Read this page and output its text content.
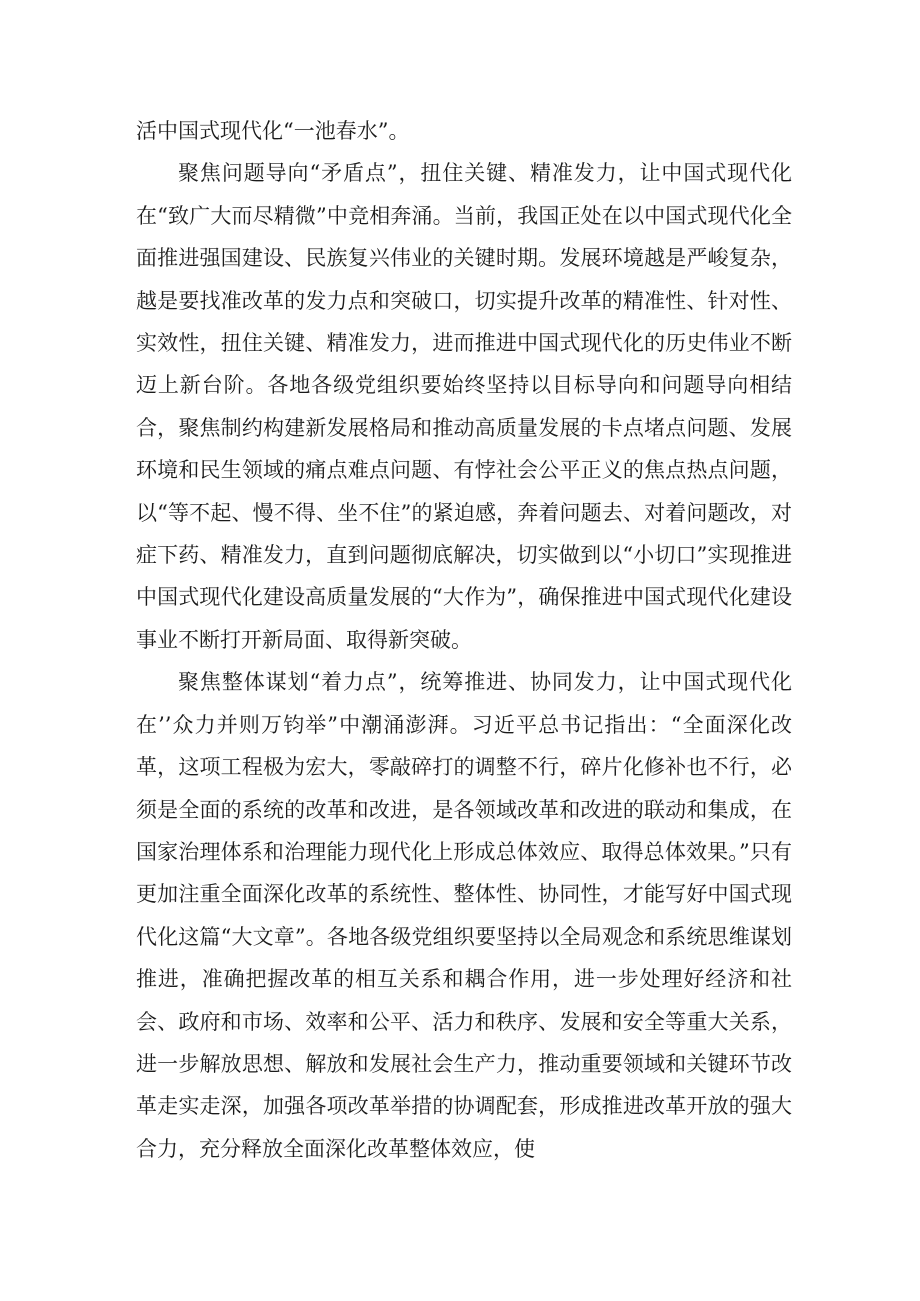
活中国式现代化“一池春水”。

聚焦问题导向“矛盾点”，扭住关键、精准发力，让中国式现代化在“致广大而尽精微”中竞相奔涌。当前，我国正处在以中国式现代化全面推进强国建设、民族复兴伟业的关键时期。发展环境越是严峻复杂，越是要找准改革的发力点和突破口，切实提升改革的精准性、针对性、实效性，扭住关键、精准发力，进而推进中国式现代化的历史伟业不断迈上新台阶。各地各级党组织要始终坚持以目标导向和问题导向相结合，聚焦制约构建新发展格局和推动高质量发展的卡点堵点问题、发展环境和民生领域的痛点难点问题、有悖社会公平正义的焦点热点问题，以“等不起、慢不得、坐不住”的紧迫感，奔着问题去、对着问题改，对症下药、精准发力，直到问题彻底解决，切实做到以“小切口”实现推进中国式现代化建设高质量发展的“大作为”，确保推进中国式现代化建设事业不断打开新局面、取得新突破。

聚焦整体谋划“着力点”，统筹推进、协同发力，让中国式现代化在’’众力并则万钧举”中潮涌澎湃。习近平总书记指出：“全面深化改革，这项工程极为宏大，零敲碎打的调整不行，碎片化修补也不行，必须是全面的系统的改革和改进，是各领域改革和改进的联动和集成，在国家治理体系和治理能力现代化上形成总体效应、取得总体效果。”只有更加注重全面深化改革的系统性、整体性、协同性，才能写好中国式现代化这篇“大文章”。各地各级党组织要坚持以全局观念和系统思维谋划推进，准确把握改革的相互关系和耦合作用，进一步处理好经济和社会、政府和市场、效率和公平、活力和秩序、发展和安全等重大关系，进一步解放思想、解放和发展社会生产力，推动重要领域和关键环节改革走实走深，加强各项改革举措的协调配套，形成推进改革开放的强大合力，充分释放全面深化改革整体效应，使
